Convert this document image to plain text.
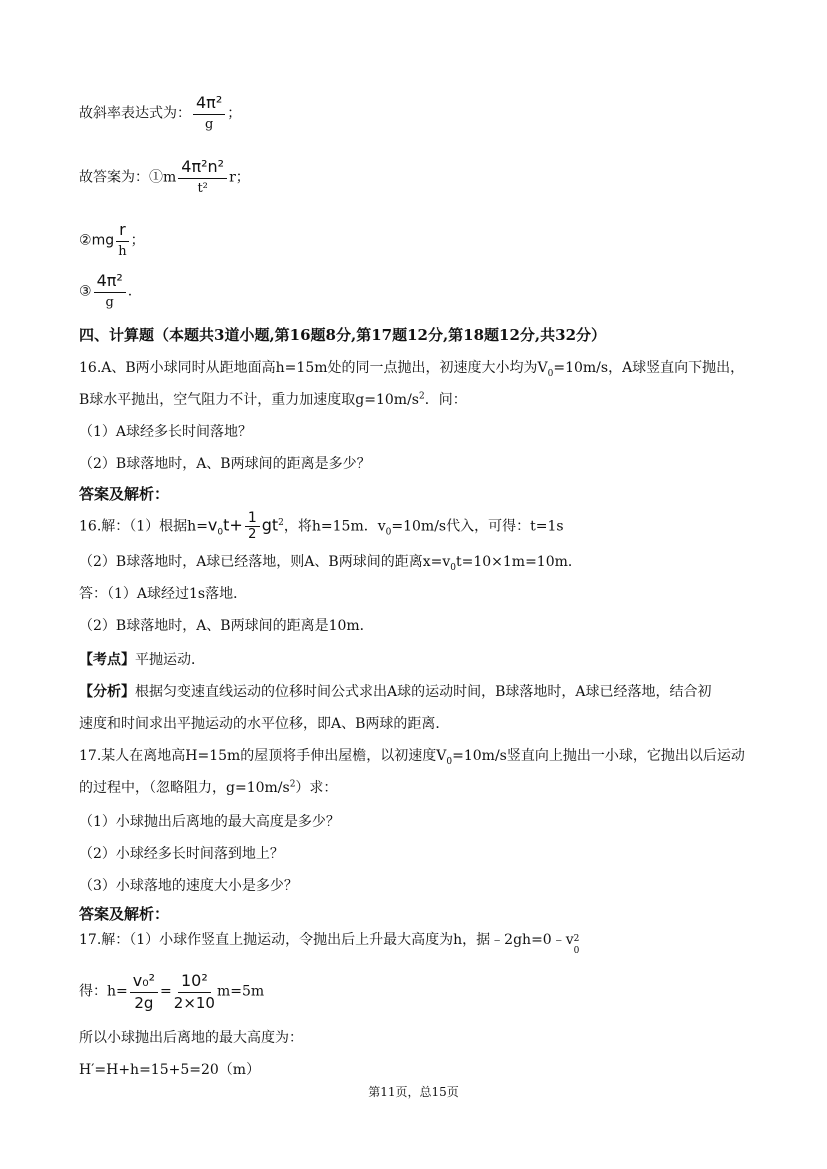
故斜率表达式为： $\frac{\text{4π²}}{g}$ ；
故答案为：①m $\frac{\text{4π²n²}}{\text{t²}}$ r；
②mg $\frac{r}{h}$ ；
③ $\frac{\text{4π²}}{g}$ .
四、计算题（本题共3道小题,第16题8分,第17题12分,第18题12分,共32分）
16.A、B两小球同时从距地面高h=15m处的同一点抛出，初速度大小均为$V_0=10m/s$，A球竖直向下抛出，
B球水平抛出，空气阻力不计，重力加速度取$g=10m/s^2$．问：
（1）A球经多长时间落地？
（2）B球落地时，A、B两球间的距离是多少？
答案及解析：
16.解：（1）根据$h=v_0t+ \frac{1}{2} gt^2$，将h=15m．$v_0=10m/s$代入，可得：t=1s
（2）B球落地时，A球已经落地，则A、B两球间的距离$x=v_0t=10\times 1m=10m$．
答：（1）A球经过1s落地．
（2）B球落地时，A、B两球间的距离是10m．
【考点】平抛运动．
【分析】根据匀变速直线运动的位移时间公式求出A球的运动时间，B球落地时，A球已经落地，结合初
速度和时间求出平抛运动的水平位移，即A、B两球的距离．
17.某人在离地高H=15m的屋顶将手伸出屋檐，以初速度$V_0=10m/s$竖直向上抛出一小球，它抛出以后运动
的过程中，（忽略阻力，$g=10m/s^2$）求：
（1）小球抛出后离地的最大高度是多少？
（2）小球经多长时间落到地上？
（3）小球落地的速度大小是多少？
答案及解析：
17.解：（1）小球作竖直上抛运动，令抛出后上升最大高度为h，据﹣2gh=0﹣v 2
0
得：$h= \frac{\text{v₀²}}{2g} = \frac{\text{10²}}{2\times 10} m=5m$
所以小球抛出后离地的最大高度为：
H′=H+h=15+5=20（m）
第11页，总15页
